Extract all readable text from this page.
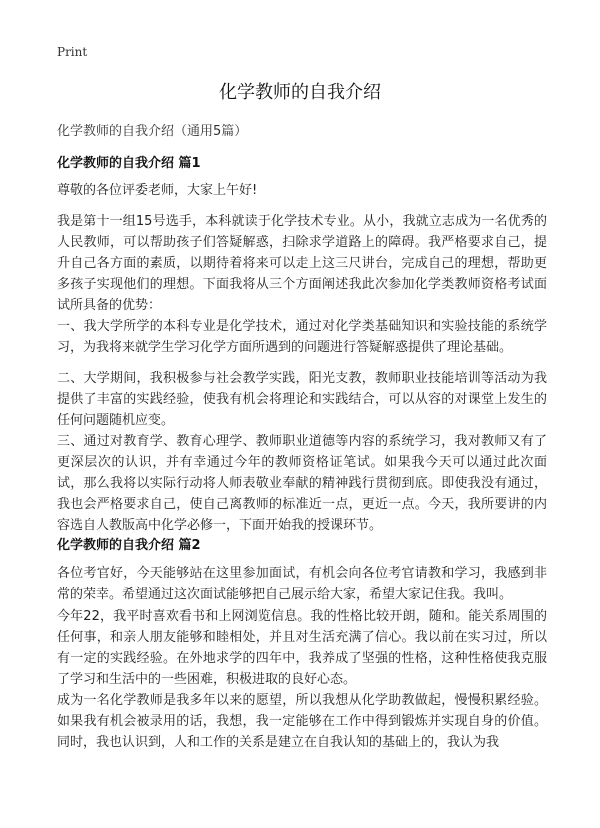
Print
化学教师的自我介绍

化学教师的自我介绍（通用5篇）

化学教师的自我介绍 篇1

尊敬的各位评委老师，大家上午好!

我是第十一组15号选手，本科就读于化学技术专业。从小，我就立志成为一名优秀的人民教师，可以帮助孩子们答疑解惑，扫除求学道路上的障碍。我严格要求自己，提升自己各方面的素质，以期待着将来可以走上这三尺讲台，完成自己的理想，帮助更多孩子实现他们的理想。下面我将从三个方面阐述我此次参加化学类教师资格考试面试所具备的优势：

一、我大学所学的本科专业是化学技术，通过对化学类基础知识和实验技能的系统学习，为我将来就学生学习化学方面所遇到的问题进行答疑解惑提供了理论基础。

二、大学期间，我积极参与社会教学实践，阳光支教，教师职业技能培训等活动为我提供了丰富的实践经验，使我有机会将理论和实践结合，可以从容的对课堂上发生的任何问题随机应变。

三、通过对教育学、教育心理学、教师职业道德等内容的系统学习，我对教师又有了更深层次的认识，并有幸通过今年的教师资格证笔试。如果我今天可以通过此次面试，那么我将以实际行动将人师表敬业奉献的精神践行贯彻到底。即使我没有通过，我也会严格要求自己，使自己离教师的标准近一点，更近一点。今天，我所要讲的内容选自人教版高中化学必修一，下面开始我的授课环节。

化学教师的自我介绍 篇2

各位考官好，今天能够站在这里参加面试，有机会向各位考官请教和学习，我感到非常的荣幸。希望通过这次面试能够把自己展示给大家，希望大家记住我。我叫。

今年22，我平时喜欢看书和上网浏览信息。我的性格比较开朗，随和。能关系周围的任何事，和亲人朋友能够和睦相处，并且对生活充满了信心。我以前在实习过，所以有一定的实践经验。在外地求学的四年中，我养成了坚强的性格，这种性格使我克服了学习和生活中的一些困难，积极进取的良好心态。

成为一名化学教师是我多年以来的愿望，所以我想从化学助教做起，慢慢积累经验。如果我有机会被录用的话，我想，我一定能够在工作中得到锻炼并实现自身的价值。同时，我也认识到，人和工作的关系是建立在自我认知的基础上的，我认为我
